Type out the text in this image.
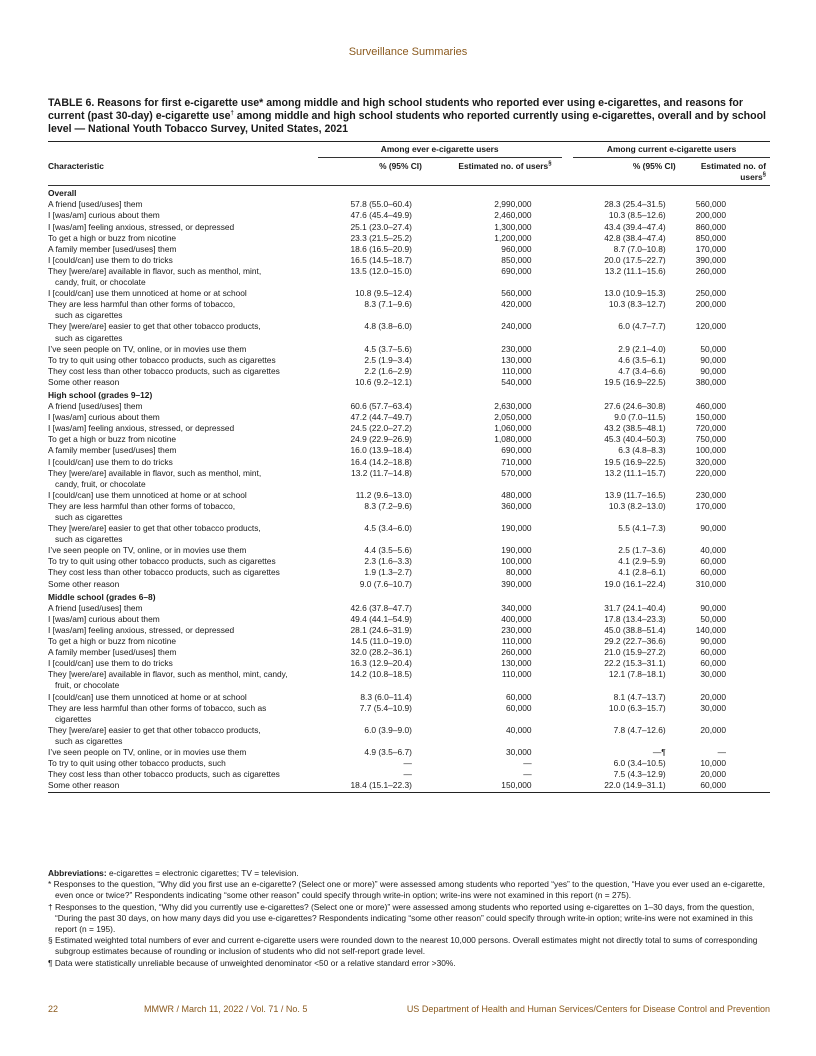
Surveillance Summaries
TABLE 6. Reasons for first e-cigarette use* among middle and high school students who reported ever using e-cigarettes, and reasons for current (past 30-day) e-cigarette use† among middle and high school students who reported currently using e-cigarettes, overall and by school level — National Youth Tobacco Survey, United States, 2021
	Among ever e-cigarette users			Among current e-cigarette users	
Characteristic	% (95% CI)	Estimated no. of users§		% (95% CI)	Estimated no. of users§
Overall					
A friend [used/uses] them	57.8 (55.0–60.4)	2,990,000		28.3 (25.4–31.5)	560,000
I [was/am] curious about them	47.6 (45.4–49.9)	2,460,000		10.3 (8.5–12.6)	200,000
I [was/am] feeling anxious, stressed, or depressed	25.1 (23.0–27.4)	1,300,000		43.4 (39.4–47.4)	860,000
To get a high or buzz from nicotine	23.3 (21.5–25.2)	1,200,000		42.8 (38.4–47.4)	850,000
A family member [used/uses] them	18.6 (16.5–20.9)	960,000		8.7 (7.0–10.8)	170,000
I [could/can] use them to do tricks	16.5 (14.5–18.7)	850,000		20.0 (17.5–22.7)	390,000
They [were/are] available in flavor, such as menthol, mint,
candy, fruit, or chocolate	13.5 (12.0–15.0)	690,000		13.2 (11.1–15.6)	260,000
I [could/can] use them unnoticed at home or at school	10.8 (9.5–12.4)	560,000		13.0 (10.9–15.3)	250,000
They are less harmful than other forms of tobacco,
such as cigarettes	8.3 (7.1–9.6)	420,000		10.3 (8.3–12.7)	200,000
They [were/are] easier to get that other tobacco products,
such as cigarettes	4.8 (3.8–6.0)	240,000		6.0 (4.7–7.7)	120,000
I’ve seen people on TV, online, or in movies use them	4.5 (3.7–5.6)	230,000		2.9 (2.1–4.0)	50,000
To try to quit using other tobacco products, such as cigarettes	2.5 (1.9–3.4)	130,000		4.6 (3.5–6.1)	90,000
They cost less than other tobacco products, such as cigarettes	2.2 (1.6–2.9)	110,000		4.7 (3.4–6.6)	90,000
Some other reason	10.6 (9.2–12.1)	540,000		19.5 (16.9–22.5)	380,000
High school (grades 9–12)					
A friend [used/uses] them	60.6 (57.7–63.4)	2,630,000		27.6 (24.6–30.8)	460,000
I [was/am] curious about them	47.2 (44.7–49.7)	2,050,000		9.0 (7.0–11.5)	150,000
I [was/am] feeling anxious, stressed, or depressed	24.5 (22.0–27.2)	1,060,000		43.2 (38.5–48.1)	720,000
To get a high or buzz from nicotine	24.9 (22.9–26.9)	1,080,000		45.3 (40.4–50.3)	750,000
A family member [used/uses] them	16.0 (13.9–18.4)	690,000		6.3 (4.8–8.3)	100,000
I [could/can] use them to do tricks	16.4 (14.2–18.8)	710,000		19.5 (16.9–22.5)	320,000
They [were/are] available in flavor, such as menthol, mint,
candy, fruit, or chocolate	13.2 (11.7–14.8)	570,000		13.2 (11.1–15.7)	220,000
I [could/can] use them unnoticed at home or at school	11.2 (9.6–13.0)	480,000		13.9 (11.7–16.5)	230,000
They are less harmful than other forms of tobacco,
such as cigarettes	8.3 (7.2–9.6)	360,000		10.3 (8.2–13.0)	170,000
They [were/are] easier to get that other tobacco products,
such as cigarettes	4.5 (3.4–6.0)	190,000		5.5 (4.1–7.3)	90,000
I’ve seen people on TV, online, or in movies use them	4.4 (3.5–5.6)	190,000		2.5 (1.7–3.6)	40,000
To try to quit using other tobacco products, such as cigarettes	2.3 (1.6–3.3)	100,000		4.1 (2.9–5.9)	60,000
They cost less than other tobacco products, such as cigarettes	1.9 (1.3–2.7)	80,000		4.1 (2.8–6.1)	60,000
Some other reason	9.0 (7.6–10.7)	390,000		19.0 (16.1–22.4)	310,000
Middle school (grades 6–8)					
A friend [used/uses] them	42.6 (37.8–47.7)	340,000		31.7 (24.1–40.4)	90,000
I [was/am] curious about them	49.4 (44.1–54.9)	400,000		17.8 (13.4–23.3)	50,000
I [was/am] feeling anxious, stressed, or depressed	28.1 (24.6–31.9)	230,000		45.0 (38.8–51.4)	140,000
To get a high or buzz from nicotine	14.5 (11.0–19.0)	110,000		29.2 (22.7–36.6)	90,000
A family member [used/uses] them	32.0 (28.2–36.1)	260,000		21.0 (15.9–27.2)	60,000
I [could/can] use them to do tricks	16.3 (12.9–20.4)	130,000		22.2 (15.3–31.1)	60,000
They [were/are] available in flavor, such as menthol, mint, candy,
fruit, or chocolate	14.2 (10.8–18.5)	110,000		12.1 (7.8–18.1)	30,000
I [could/can] use them unnoticed at home or at school	8.3 (6.0–11.4)	60,000		8.1 (4.7–13.7)	20,000
They are less harmful than other forms of tobacco, such as
cigarettes	7.7 (5.4–10.9)	60,000		10.0 (6.3–15.7)	30,000
They [were/are] easier to get that other tobacco products,
such as cigarettes	6.0 (3.9–9.0)	40,000		7.8 (4.7–12.6)	20,000
I’ve seen people on TV, online, or in movies use them	4.9 (3.5–6.7)	30,000		—¶	—
To try to quit using other tobacco products, such	—	—		6.0 (3.4–10.5)	10,000
They cost less than other tobacco products, such as cigarettes	—	—		7.5 (4.3–12.9)	20,000
Some other reason	18.4 (15.1–22.3)	150,000		22.0 (14.9–31.1)	60,000

Abbreviations: e-cigarettes = electronic cigarettes; TV = television.

* Responses to the question, “Why did you first use an e-cigarette? (Select one or more)” were assessed among students who reported “yes” to the question, “Have you ever used an e-cigarette, even once or twice?” Respondents indicating “some other reason” could specify through write-in option; write-ins were not examined in this report (n = 275).

† Responses to the question, “Why did you currently use e-cigarettes? (Select one or more)” were assessed among students who reported using e-cigarettes on 1–30 days, from the question, “During the past 30 days, on how many days did you use e-cigarettes? Respondents indicating “some other reason” could specify through write-in option; write-ins were not examined in this report (n = 195).

§ Estimated weighted total numbers of ever and current e-cigarette users were rounded down to the nearest 10,000 persons. Overall estimates might not directly total to sums of corresponding subgroup estimates because of rounding or inclusion of students who did not self-report grade level.

¶ Data were statistically unreliable because of unweighted denominator <50 or a relative standard error >30%.

22	MMWR / March 11, 2022 / Vol. 71 / No. 5	US Department of Health and Human Services/Centers for Disease Control and Prevention
